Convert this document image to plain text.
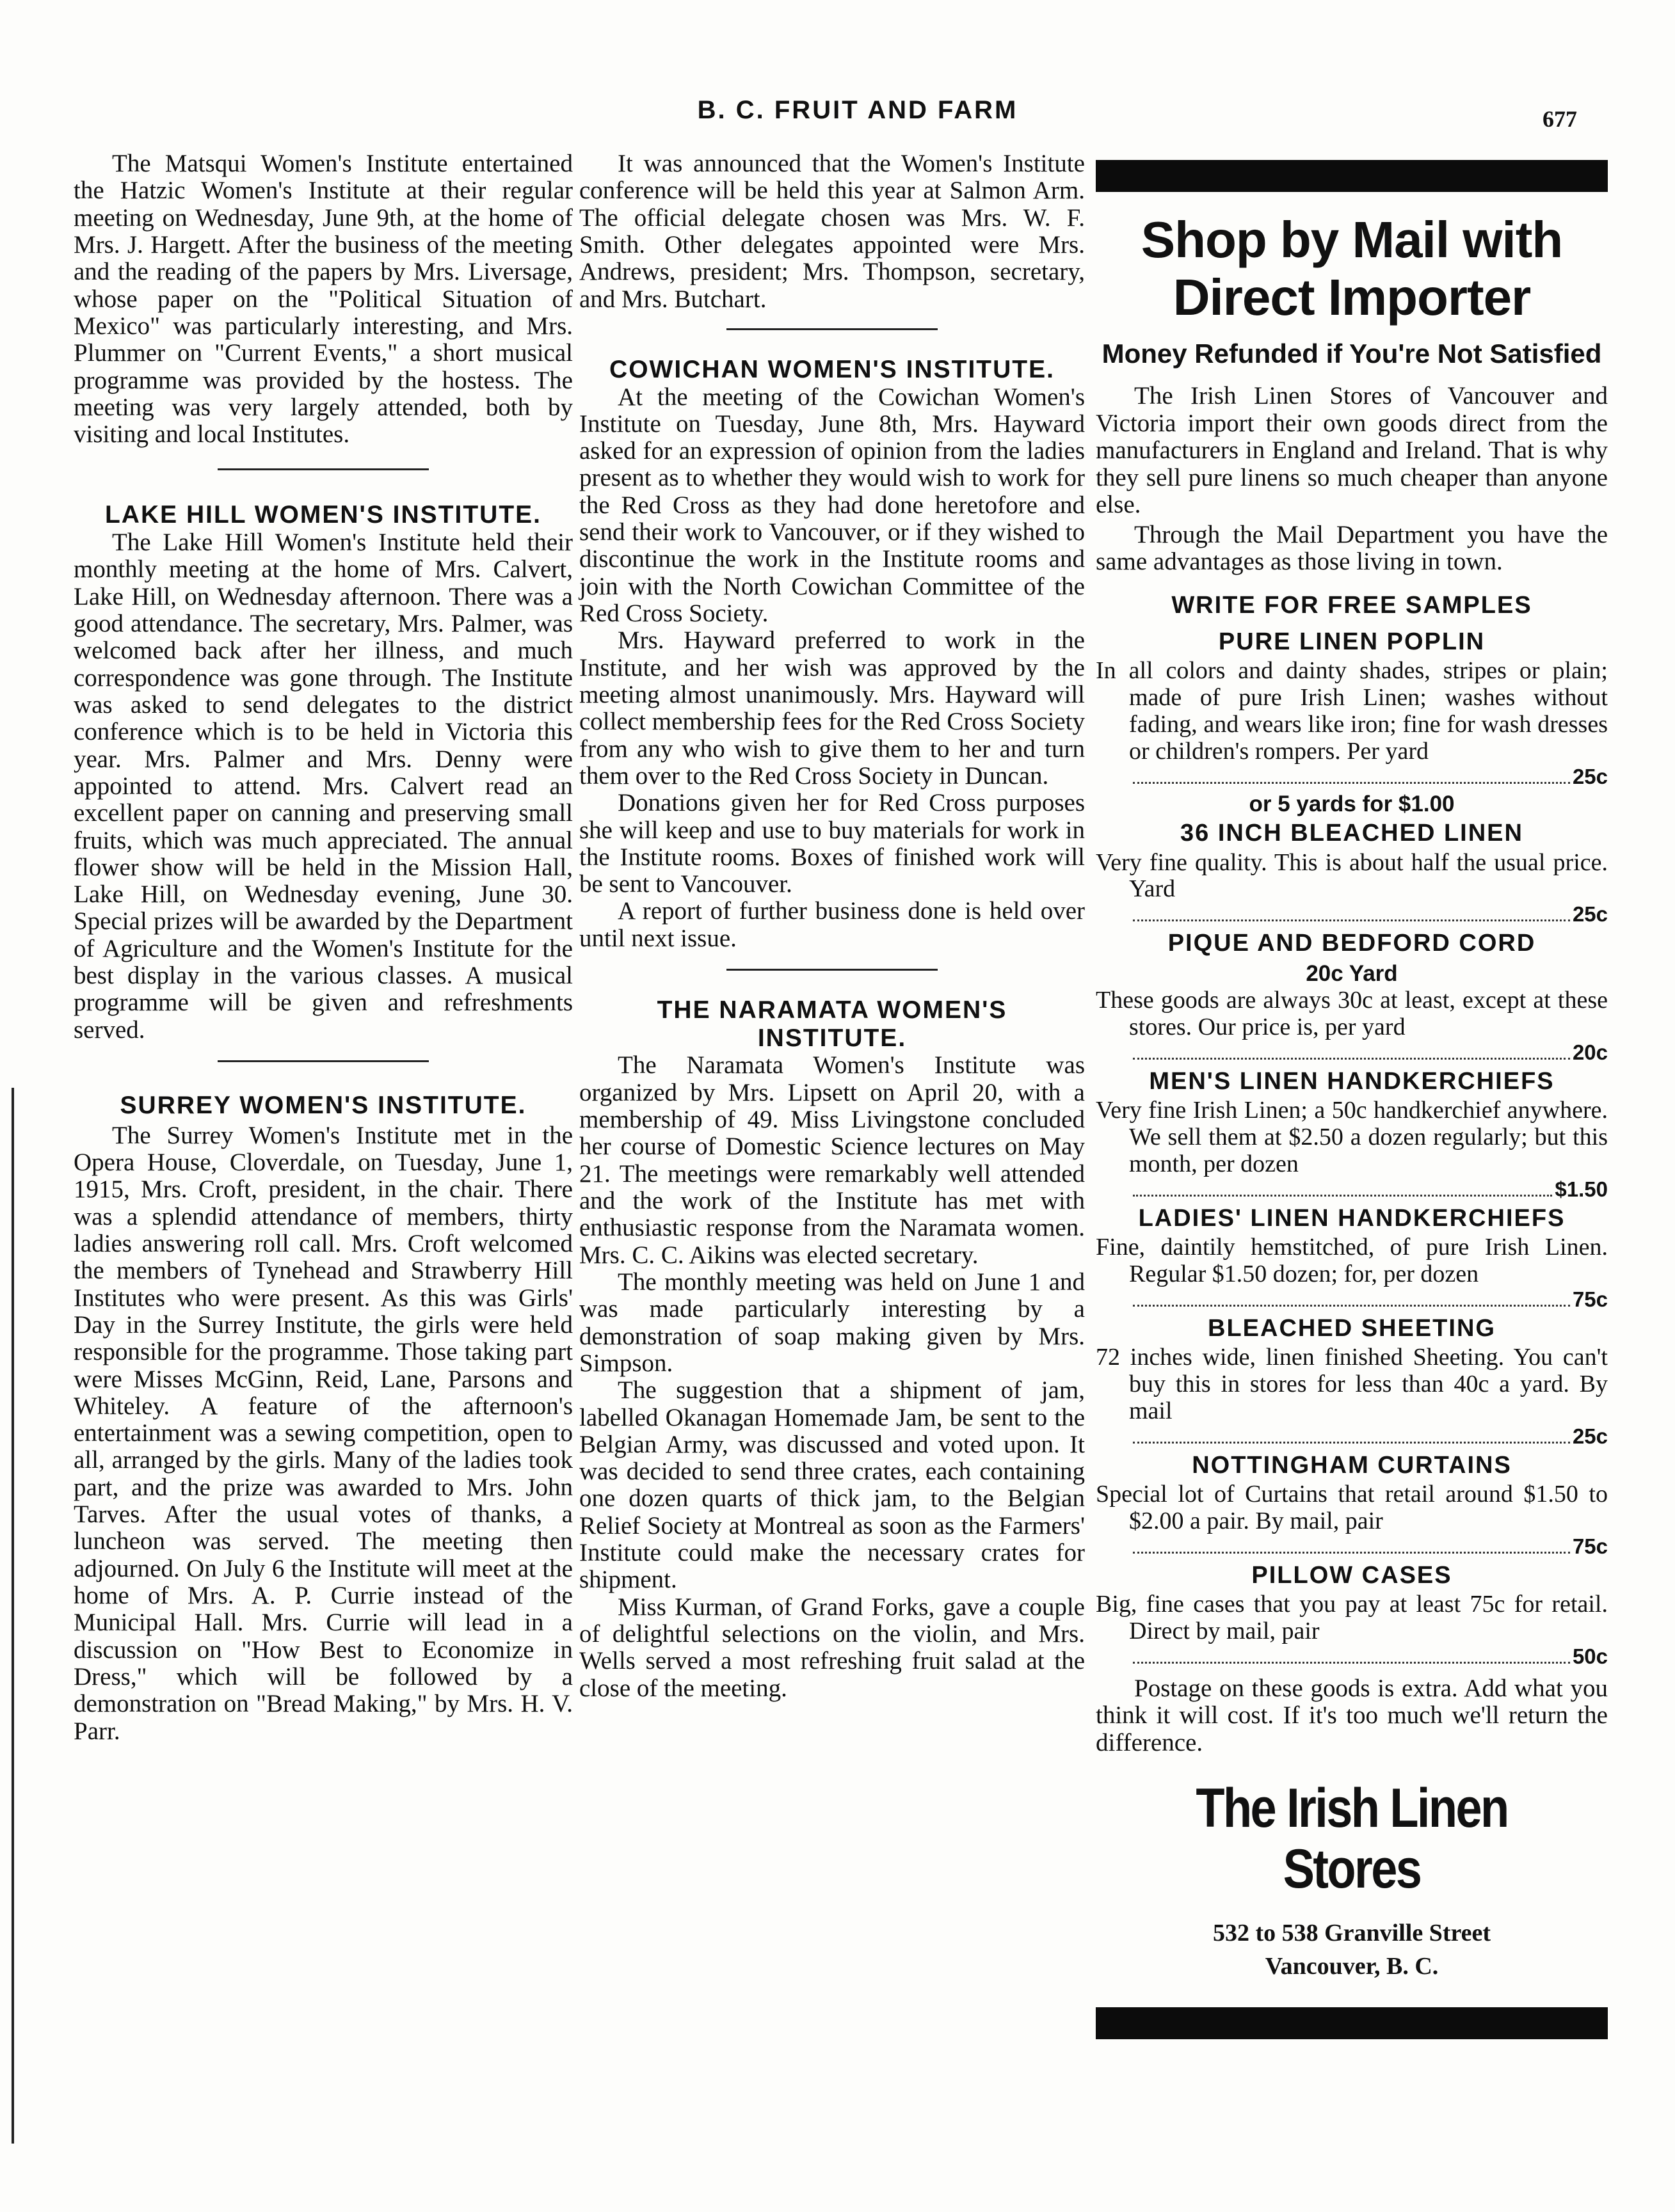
B. C. FRUIT AND FARM	677

The Matsqui Women's Institute entertained the Hatzic Women's Institute at their regular meeting on Wednesday, June 9th, at the home of Mrs. J. Hargett. After the business of the meeting and the reading of the papers by Mrs. Liversage, whose paper on the "Political Situation of Mexico" was particularly interesting, and Mrs. Plummer on "Current Events," a short musical programme was provided by the hostess. The meeting was very largely attended, both by visiting and local Institutes.

LAKE HILL WOMEN'S INSTITUTE.

The Lake Hill Women's Institute held their monthly meeting at the home of Mrs. Calvert, Lake Hill, on Wednesday afternoon. There was a good attendance. The secretary, Mrs. Palmer, was welcomed back after her illness, and much correspondence was gone through. The Institute was asked to send delegates to the district conference which is to be held in Victoria this year. Mrs. Palmer and Mrs. Denny were appointed to attend. Mrs. Calvert read an excellent paper on canning and preserving small fruits, which was much appreciated. The annual flower show will be held in the Mission Hall, Lake Hill, on Wednesday evening, June 30. Special prizes will be awarded by the Department of Agriculture and the Women's Institute for the best display in the various classes. A musical programme will be given and refreshments served.

SURREY WOMEN'S INSTITUTE.

The Surrey Women's Institute met in the Opera House, Cloverdale, on Tuesday, June 1, 1915, Mrs. Croft, president, in the chair. There was a splendid attendance of members, thirty ladies answering roll call. Mrs. Croft welcomed the members of Tynehead and Strawberry Hill Institutes who were present. As this was Girls' Day in the Surrey Institute, the girls were held responsible for the programme. Those taking part were Misses McGinn, Reid, Lane, Parsons and Whiteley. A feature of the afternoon's entertainment was a sewing competition, open to all, arranged by the girls. Many of the ladies took part, and the prize was awarded to Mrs. John Tarves. After the usual votes of thanks, a luncheon was served. The meeting then adjourned. On July 6 the Institute will meet at the home of Mrs. A. P. Currie instead of the Municipal Hall. Mrs. Currie will lead in a discussion on "How Best to Economize in Dress," which will be followed by a demonstration on "Bread Making," by Mrs. H. V. Parr.

It was announced that the Women's Institute conference will be held this year at Salmon Arm. The official delegate chosen was Mrs. W. F. Smith. Other delegates appointed were Mrs. Andrews, president; Mrs. Thompson, secretary, and Mrs. Butchart.

COWICHAN WOMEN'S INSTITUTE.

At the meeting of the Cowichan Women's Institute on Tuesday, June 8th, Mrs. Hayward asked for an expression of opinion from the ladies present as to whether they would wish to work for the Red Cross as they had done heretofore and send their work to Vancouver, or if they wished to discontinue the work in the Institute rooms and join with the North Cowichan Committee of the Red Cross Society.

Mrs. Hayward preferred to work in the Institute, and her wish was approved by the meeting almost unanimously. Mrs. Hayward will collect membership fees for the Red Cross Society from any who wish to give them to her and turn them over to the Red Cross Society in Duncan.

Donations given her for Red Cross purposes she will keep and use to buy materials for work in the Institute rooms. Boxes of finished work will be sent to Vancouver.

A report of further business done is held over until next issue.

THE NARAMATA WOMEN'S INSTITUTE.

The Naramata Women's Institute was organized by Mrs. Lipsett on April 20, with a membership of 49. Miss Livingstone concluded her course of Domestic Science lectures on May 21. The meetings were remarkably well attended and the work of the Institute has met with enthusiastic response from the Naramata women. Mrs. C. C. Aikins was elected secretary.

The monthly meeting was held on June 1 and was made particularly interesting by a demonstration of soap making given by Mrs. Simpson.

The suggestion that a shipment of jam, labelled Okanagan Homemade Jam, be sent to the Belgian Army, was discussed and voted upon. It was decided to send three crates, each containing one dozen quarts of thick jam, to the Belgian Relief Society at Montreal as soon as the Farmers' Institute could make the necessary crates for shipment.

Miss Kurman, of Grand Forks, gave a couple of delightful selections on the violin, and Mrs. Wells served a most refreshing fruit salad at the close of the meeting.

Shop by Mail with Direct Importer
Money Refunded if You're Not Satisfied

The Irish Linen Stores of Vancouver and Victoria import their own goods direct from the manufacturers in England and Ireland. That is why they sell pure linens so much cheaper than anyone else.

Through the Mail Department you have the same advantages as those living in town.

WRITE FOR FREE SAMPLES
PURE LINEN POPLIN
In all colors and dainty shades, stripes or plain; made of pure Irish Linen; washes without fading, and wears like iron; fine for wash dresses or children's rompers. Per yard
25c
or 5 yards for $1.00
36 INCH BLEACHED LINEN
Very fine quality. This is about half the usual price. Yard
25c
PIQUE AND BEDFORD CORD
20c Yard
These goods are always 30c at least, except at these stores. Our price is, per yard
20c
MEN'S LINEN HANDKERCHIEFS
Very fine Irish Linen; a 50c handkerchief anywhere. We sell them at $2.50 a dozen regularly; but this month, per dozen
$1.50
LADIES' LINEN HANDKERCHIEFS
Fine, daintily hemstitched, of pure Irish Linen. Regular $1.50 dozen; for, per dozen
75c
BLEACHED SHEETING
72 inches wide, linen finished Sheeting. You can't buy this in stores for less than 40c a yard. By mail
25c
NOTTINGHAM CURTAINS
Special lot of Curtains that retail around $1.50 to $2.00 a pair. By mail, pair
75c
PILLOW CASES
Big, fine cases that you pay at least 75c for retail. Direct by mail, pair
50c

Postage on these goods is extra. Add what you think it will cost. If it's too much we'll return the difference.

The Irish Linen Stores
532 to 538 Granville Street
Vancouver, B. C.
